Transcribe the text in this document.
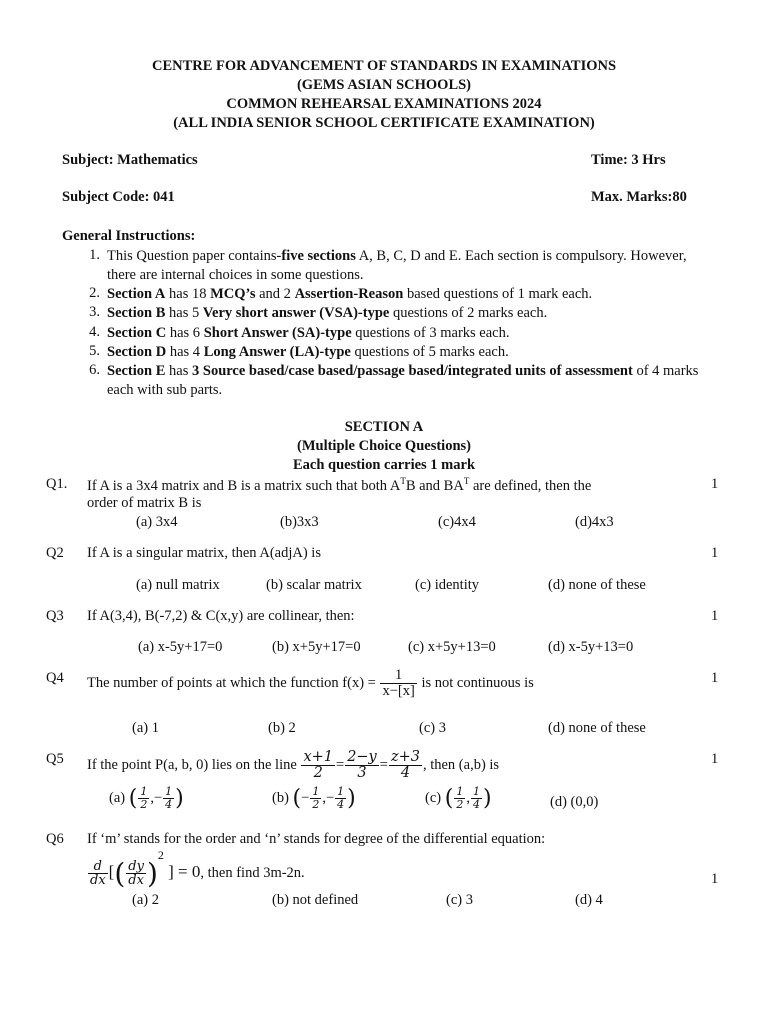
CENTRE FOR ADVANCEMENT OF STANDARDS IN EXAMINATIONS
(GEMS ASIAN SCHOOLS)
COMMON REHEARSAL EXAMINATIONS 2024
(ALL INDIA SENIOR SCHOOL CERTIFICATE EXAMINATION)
Subject: Mathematics	Time: 3 Hrs
Subject Code: 041	Max. Marks:80
General Instructions:
1. This Question paper contains-five sections A, B, C, D and E. Each section is compulsory. However, there are internal choices in some questions.
2. Section A has 18 MCQ’s and 2 Assertion-Reason based questions of 1 mark each.
3. Section B has 5 Very short answer (VSA)-type questions of 2 marks each.
4. Section C has 6 Short Answer (SA)-type questions of 3 marks each.
5. Section D has 4 Long Answer (LA)-type questions of 5 marks each.
6. Section E has 3 Source based/case based/passage based/integrated units of assessment of 4 marks each with sub parts.
SECTION A
(Multiple Choice Questions)
Each question carries 1 mark
Q1. If A is a 3x4 matrix and B is a matrix such that both $A^TB$ and $BA^T$ are defined, then the
order of matrix B is
(a) 3x4	(b)3x3	(c)4x4	(d)4x3
1
Q2 If A is a singular matrix, then A(adjA) is
(a) null matrix	(b) scalar matrix	(c) identity	(d) none of these
1
Q3 If A(3,4), B(-7,2) & C(x,y) are collinear, then:
(a) x-5y+17=0	(b) x+5y+17=0	(c) x+5y+13=0	(d) x-5y+13=0
1
Q4 The number of points at which the function $f(x) = \frac{1}{x-[x]}$ is not continuous is
(a) 1	(b) 2	(c) 3	(d) none of these
1
Q5 If the point P(a, b, 0) lies on the line $\frac{x+1}{2} = \frac{2-y}{3} = \frac{z+3}{4}$ , then (a,b) is
(a) ( $\frac{1}{2}$ ,− $\frac{1}{4}$ )	(b) (− $\frac{1}{2}$ ,− $\frac{1}{4}$ )	(c) ( $\frac{1}{2}$ , $\frac{1}{4}$ )	(d) (0,0)
1
Q6 If ‘m’ stands for the order and ‘n’ stands for degree of the differential equation:
$\frac{d}{dx}$ [( $\frac{dy}{dx} )^2$ ] = 0, then find 3m-2n.
(a) 2	(b) not defined	(c) 3	(d) 4
1
